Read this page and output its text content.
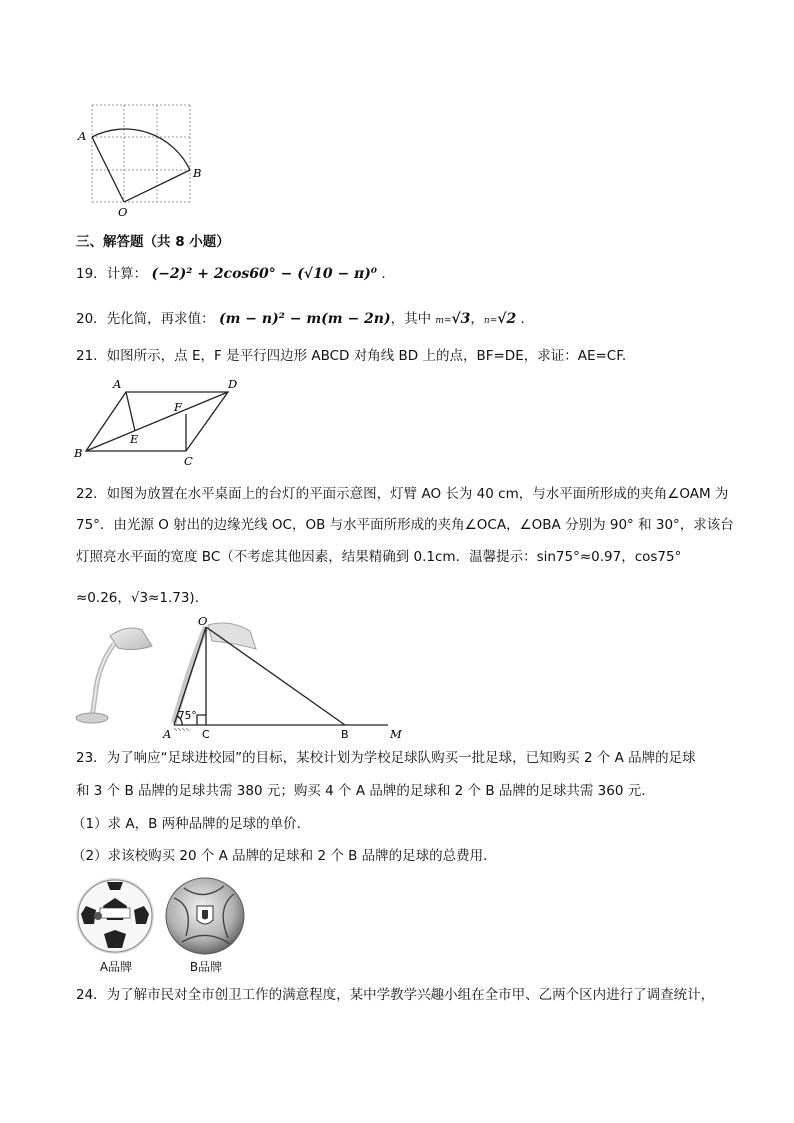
A
B
O
三、解答题（共 8 小题）
19．计算： (−2)² + 2cos60° − (√10 − π)⁰ .
20．先化简，再求值： (m − n)² − m(m − 2n)，其中 m=√3，n=√2 .
21．如图所示，点 E，F 是平行四边形 ABCD 对角线 BD 上的点，BF=DE，求证：AE=CF.
A	D
B
C
E
F
22．如图为放置在水平桌面上的台灯的平面示意图，灯臂 AO 长为 40 cm，与水平面所形成的夹角∠OAM 为
75°．由光源 O 射出的边缘光线 OC，OB 与水平面所形成的夹角∠OCA，∠OBA 分别为 90° 和 30°，求该台
灯照亮水平面的宽度 BC（不考虑其他因素，结果精确到 0.1cm．温馨提示：sin75°≈0.97，cos75°
≈0.26，√3≈1.73).
O
75°
A	C	B	M
23．为了响应“足球进校园”的目标，某校计划为学校足球队购买一批足球，已知购买 2 个 A 品牌的足球
和 3 个 B 品牌的足球共需 380 元；购买 4 个 A 品牌的足球和 2 个 B 品牌的足球共需 360 元．
（1）求 A，B 两种品牌的足球的单价．
（2）求该校购买 20 个 A 品牌的足球和 2 个 B 品牌的足球的总费用．
A品牌	B品牌
24．为了解市民对全市创卫工作的满意程度，某中学教学兴趣小组在全市甲、乙两个区内进行了调查统计，
